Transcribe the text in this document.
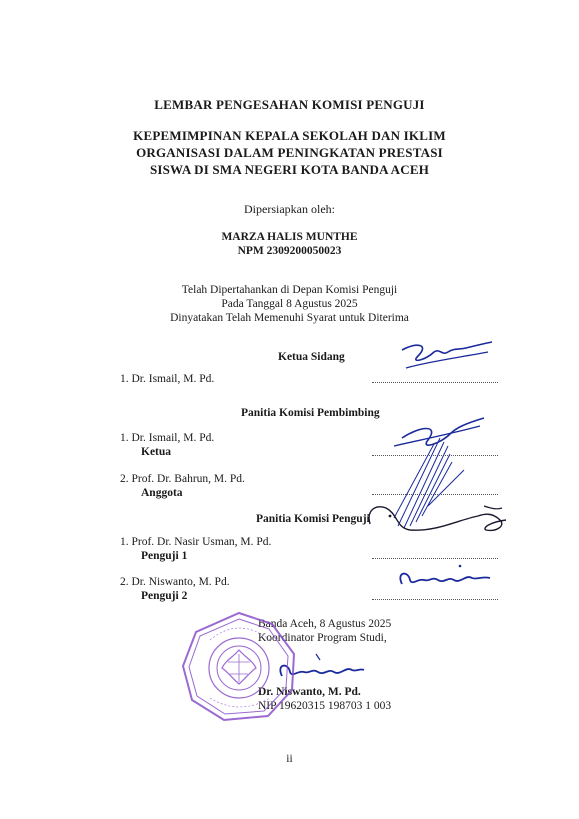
LEMBAR PENGESAHAN KOMISI PENGUJI
KEPEMIMPINAN KEPALA SEKOLAH DAN IKLIM
ORGANISASI DALAM PENINGKATAN PRESTASI
SISWA DI SMA NEGERI KOTA BANDA ACEH
Dipersiapkan oleh:
MARZA HALIS MUNTHE
NPM 2309200050023
Telah Dipertahankan di Depan Komisi Penguji
Pada Tanggal 8 Agustus 2025
Dinyatakan Telah Memenuhi Syarat untuk Diterima
Ketua Sidang
1. Dr. Ismail, M. Pd.
Panitia Komisi Pembimbing
1. Dr. Ismail, M. Pd.
Ketua
2. Prof. Dr. Bahrun, M. Pd.
Anggota
Panitia Komisi Penguji
1. Prof. Dr. Nasir Usman, M. Pd.
Penguji 1
2. Dr. Niswanto, M. Pd.
Penguji 2
Banda Aceh, 8 Agustus 2025
Koordinator Program Studi,
Dr. Niswanto, M. Pd.
NIP 19620315 198703 1 003
ii
